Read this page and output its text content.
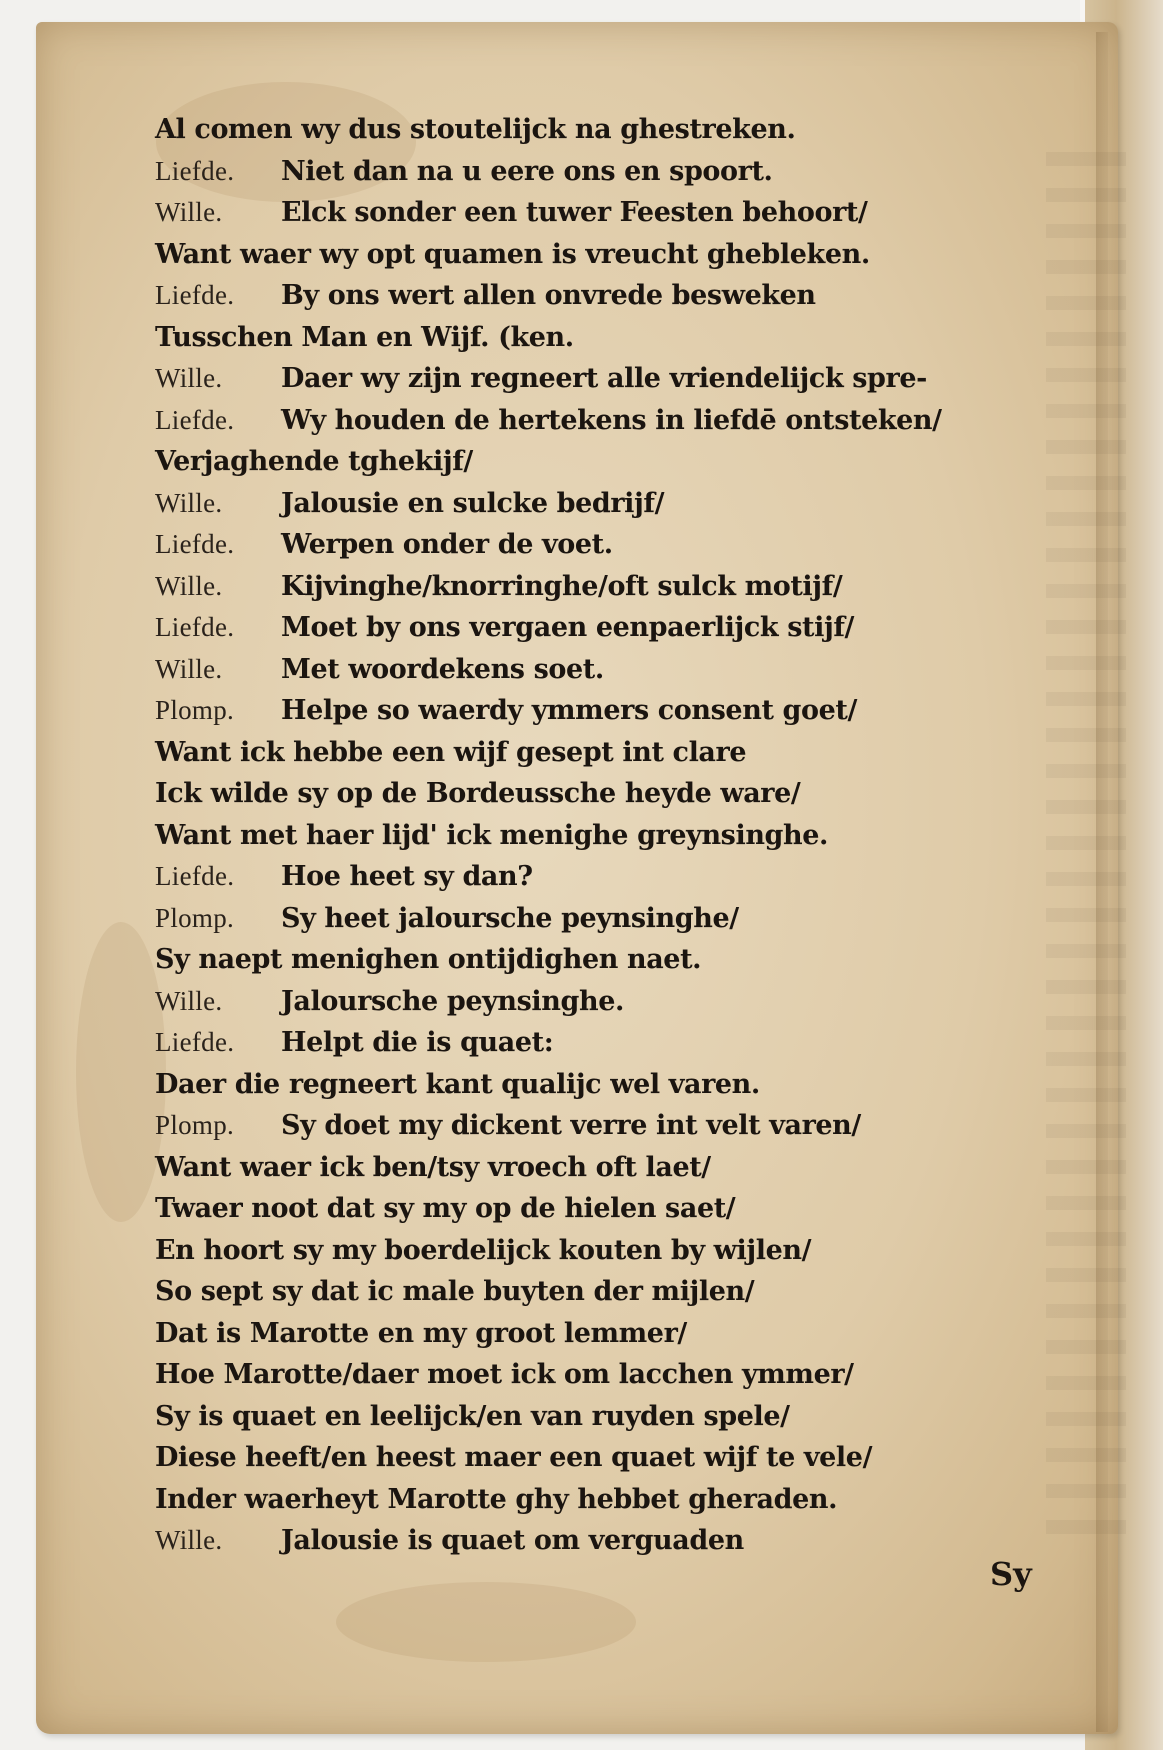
Al comen wy dus stoutelijck na ghestreken.
Liefde. Niet dan na u eere ons en spoort.
Wille. Elck sonder een tuwer Feesten behoort/
Want waer wy opt quamen is vreucht ghebleken.
Liefde. By ons wert allen onvrede besweken
Tusschen Man en Wijf. (ken.
Wille. Daer wy zijn regneert alle vriendelijck spre-
Liefde. Wy houden de hertekens in liefdē ontsteken/
Verjaghende tghekijf/
Wille. Jalousie en sulcke bedrijf/
Liefde. Werpen onder de voet.
Wille. Kijvinghe/knorringhe/oft sulck motijf/
Liefde. Moet by ons vergaen eenpaerlijck stijf/
Wille. Met woordekens soet.
Plomp. Helpe so waerdy ymmers consent goet/
Want ick hebbe een wijf gesept int clare
Ick wilde sy op de Bordeussche heyde ware/
Want met haer lijd' ick menighe greynsinghe.
Liefde. Hoe heet sy dan?
Plomp. Sy heet jaloursche peynsinghe/
Sy naept menighen ontijdighen naet.
Wille. Jaloursche peynsinghe.
Liefde. Helpt die is quaet:
Daer die regneert kant qualijc wel varen.
Plomp. Sy doet my dickent verre int velt varen/
Want waer ick ben/tsy vroech oft laet/
Twaer noot dat sy my op de hielen saet/
En hoort sy my boerdelijck kouten by wijlen/
So sept sy dat ic male buyten der mijlen/
Dat is Marotte en my groot lemmer/
Hoe Marotte/daer moet ick om lacchen ymmer/
Sy is quaet en leelijck/en van ruyden spele/
Diese heeft/en heest maer een quaet wijf te vele/
Inder waerheyt Marotte ghy hebbet gheraden.
Wille. Jalousie is quaet om verguaden
Sy
